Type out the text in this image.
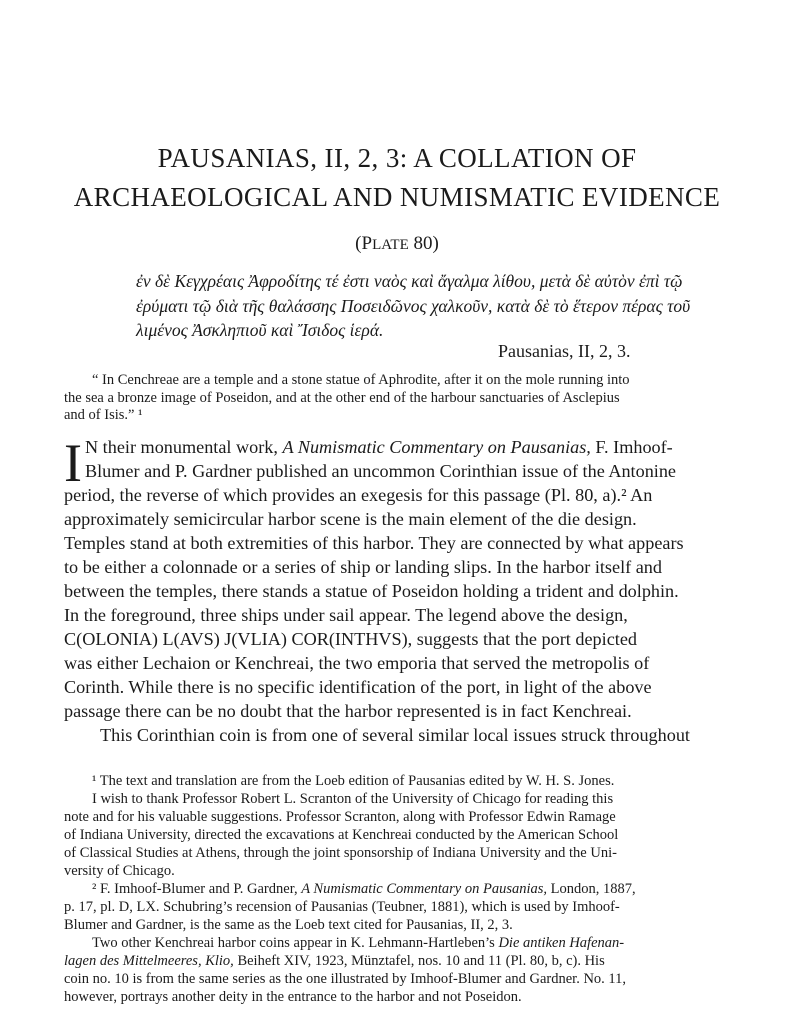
PAUSANIAS, II, 2, 3: A COLLATION OF
ARCHAEOLOGICAL AND NUMISMATIC EVIDENCE
(PLATE 80)
ἐν δὲ Κεγχρέαις Ἀφροδίτης τέ ἐστι ναὸς καὶ ἄγαλμα λίθου, μετὰ δὲ αὐτὸν ἐπὶ τῷ
ἐρύματι τῷ διὰ τῆς θαλάσσης Ποσειδῶνος χαλκοῦν, κατὰ δὲ τὸ ἕτερον πέρας τοῦ
λιμένος Ἀσκληπιοῦ καὶ Ἴσιδος ἱερά.
Pausanias, II, 2, 3.
“ In Cenchreae are a temple and a stone statue of Aphrodite, after it on the mole running into
the sea a bronze image of Poseidon, and at the other end of the harbour sanctuaries of Asclepius
and of Isis.” ¹
I N their monumental work, A Numismatic Commentary on Pausanias, F. Imhoof-
Blumer and P. Gardner published an uncommon Corinthian issue of the Antonine
period, the reverse of which provides an exegesis for this passage (Pl. 80, a).² An
approximately semicircular harbor scene is the main element of the die design.
Temples stand at both extremities of this harbor. They are connected by what appears
to be either a colonnade or a series of ship or landing slips. In the harbor itself and
between the temples, there stands a statue of Poseidon holding a trident and dolphin.
In the foreground, three ships under sail appear. The legend above the design,
C(OLONIA) L(AVS) J(VLIA) COR(INTHVS), suggests that the port depicted
was either Lechaion or Kenchreai, the two emporia that served the metropolis of
Corinth. While there is no specific identification of the port, in light of the above
passage there can be no doubt that the harbor represented is in fact Kenchreai.
This Corinthian coin is from one of several similar local issues struck throughout
¹ The text and translation are from the Loeb edition of Pausanias edited by W. H. S. Jones.
I wish to thank Professor Robert L. Scranton of the University of Chicago for reading this
note and for his valuable suggestions. Professor Scranton, along with Professor Edwin Ramage
of Indiana University, directed the excavations at Kenchreai conducted by the American School
of Classical Studies at Athens, through the joint sponsorship of Indiana University and the Uni-
versity of Chicago.
² F. Imhoof-Blumer and P. Gardner, A Numismatic Commentary on Pausanias, London, 1887,
p. 17, pl. D, LX. Schubring’s recension of Pausanias (Teubner, 1881), which is used by Imhoof-
Blumer and Gardner, is the same as the Loeb text cited for Pausanias, II, 2, 3.
Two other Kenchreai harbor coins appear in K. Lehmann-Hartleben’s Die antiken Hafenan-
lagen des Mittelmeeres, Klio, Beiheft XIV, 1923, Münztafel, nos. 10 and 11 (Pl. 80, b, c). His
coin no. 10 is from the same series as the one illustrated by Imhoof-Blumer and Gardner. No. 11,
however, portrays another deity in the entrance to the harbor and not Poseidon.
